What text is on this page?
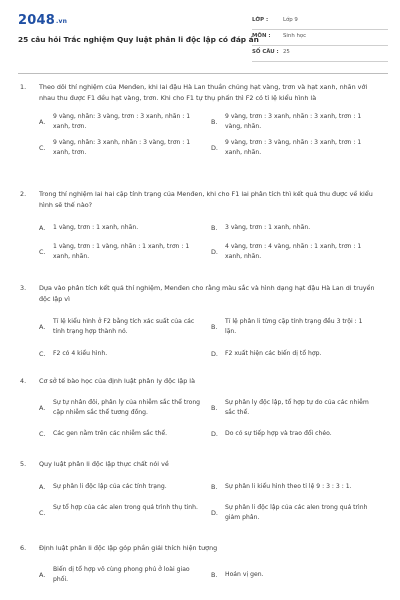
2048.vn
25 câu hỏi Trắc nghiệm Quy luật phân li độc lập có đáp án
LỚP :	Lớp 9
MÔN : Sinh học
SỐ CÂU : 25
1. Theo dõi thí nghiệm của Menđen, khi lai đậu Hà Lan thuần chủng hạt vàng, trơn và hạt xanh, nhăn với nhau thu được F1 đều hạt vàng, trơn. Khi cho F1 tự thụ phấn thì F2 có tỉ lệ kiểu hình là
A.
9 vàng, nhăn: 3 vàng, trơn : 3 xanh, nhăn : 1 xanh, trơn.
B.
9 vàng, trơn : 3 xanh, nhăn : 3 xanh, trơn : 1 vàng, nhăn.
C.
9 vàng, nhăn: 3 xanh, nhăn : 3 vàng, trơn : 1 xanh, trơn.
D.
9 vàng, trơn : 3 vàng, nhăn : 3 xanh, trơn : 1 xanh, nhăn.
2. Trong thí nghiệm lai hai cặp tính trạng của Menđen, khi cho F1 lai phân tích thì kết quả thu được về kiểu hình sẽ thế nào?
A. 1 vàng, trơn : 1 xanh, nhăn.	B. 3 vàng, trơn : 1 xanh, nhăn.
C.
1 vàng, trơn : 1 vàng, nhăn : 1 xanh, trơn : 1 xanh, nhăn.
D.
4 vàng, trơn : 4 vàng, nhăn : 1 xanh, trơn : 1 xanh, nhăn.
3. Dựa vào phân tích kết quả thí nghiệm, Menđen cho rằng màu sắc và hình dạng hạt đậu Hà Lan di truyền độc lập vì
A.
Tỉ lệ kiểu hình ở F2 bằng tích xác suất của các tính trạng hợp thành nó.
B.
Tỉ lệ phân li từng cặp tính trạng đều 3 trội : 1 lặn.
C. F2 có 4 kiểu hình.	D. F2 xuất hiện các biến dị tổ hợp.
4. Cơ sở tế bào học của định luật phân ly độc lập là
A.
Sự tự nhân đôi, phân ly của nhiễm sắc thể trong cặp nhiễm sắc thể tương đồng.
B.
Sự phân ly độc lập, tổ hợp tự do của các nhiễm sắc thể.
C. Các gen nằm trên các nhiễm sắc thể.	D. Do có sự tiếp hợp và trao đổi chéo.
5. Quy luật phân li độc lập thực chất nói về
A. Sự phân li độc lập của các tính trạng.	B. Sự phân li kiểu hình theo tỉ lệ 9 : 3 : 3 : 1.
C.
Sự tổ hợp của các alen trong quá trình thụ tinh.
D.
Sự phân li độc lập của các alen trong quá trình giảm phân.
6. Định luật phân li độc lập góp phần giải thích hiện tượng
A.
Biến dị tổ hợp vô cùng phong phú ở loài giao phối.
B. Hoán vị gen.
